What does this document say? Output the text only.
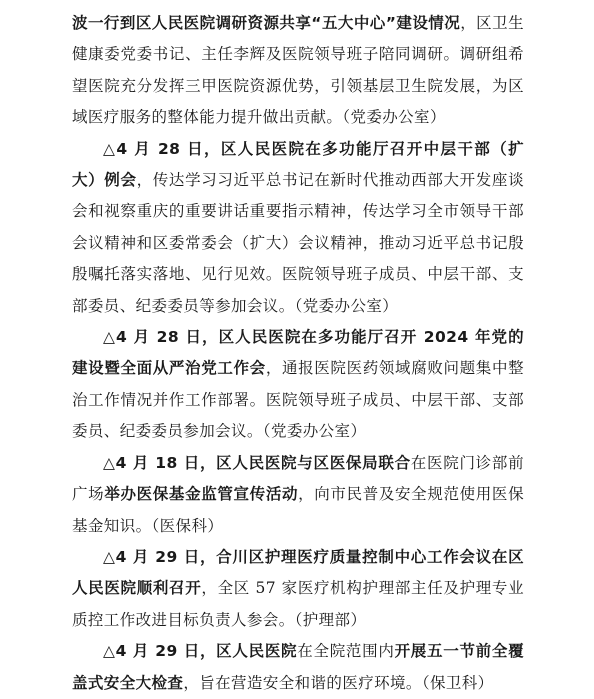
波一行到区人民医院调研资源共享“五大中心”建设情况，区卫生健康委党委书记、主任李辉及医院领导班子陪同调研。调研组希望医院充分发挥三甲医院资源优势，引领基层卫生院发展，为区域医疗服务的整体能力提升做出贡献。（党委办公室）

△4 月 28 日，区人民医院在多功能厅召开中层干部（扩大）例会，传达学习习近平总书记在新时代推动西部大开发座谈会和视察重庆的重要讲话重要指示精神，传达学习全市领导干部会议精神和区委常委会（扩大）会议精神，推动习近平总书记殷殷嘱托落实落地、见行见效。医院领导班子成员、中层干部、支部委员、纪委委员等参加会议。（党委办公室）

△4 月 28 日，区人民医院在多功能厅召开 2024 年党的建设暨全面从严治党工作会，通报医院医药领域腐败问题集中整治工作情况并作工作部署。医院领导班子成员、中层干部、支部委员、纪委委员参加会议。（党委办公室）

△4 月 18 日，区人民医院与区医保局联合在医院门诊部前广场举办医保基金监管宣传活动，向市民普及安全规范使用医保基金知识。（医保科）

△4 月 29 日，合川区护理医疗质量控制中心工作会议在区人民医院顺利召开，全区 57 家医疗机构护理部主任及护理专业质控工作改进目标负责人参会。（护理部）

△4 月 29 日，区人民医院在全院范围内开展五一节前全覆盖式安全大检查，旨在营造安全和谐的医疗环境。（保卫科）
